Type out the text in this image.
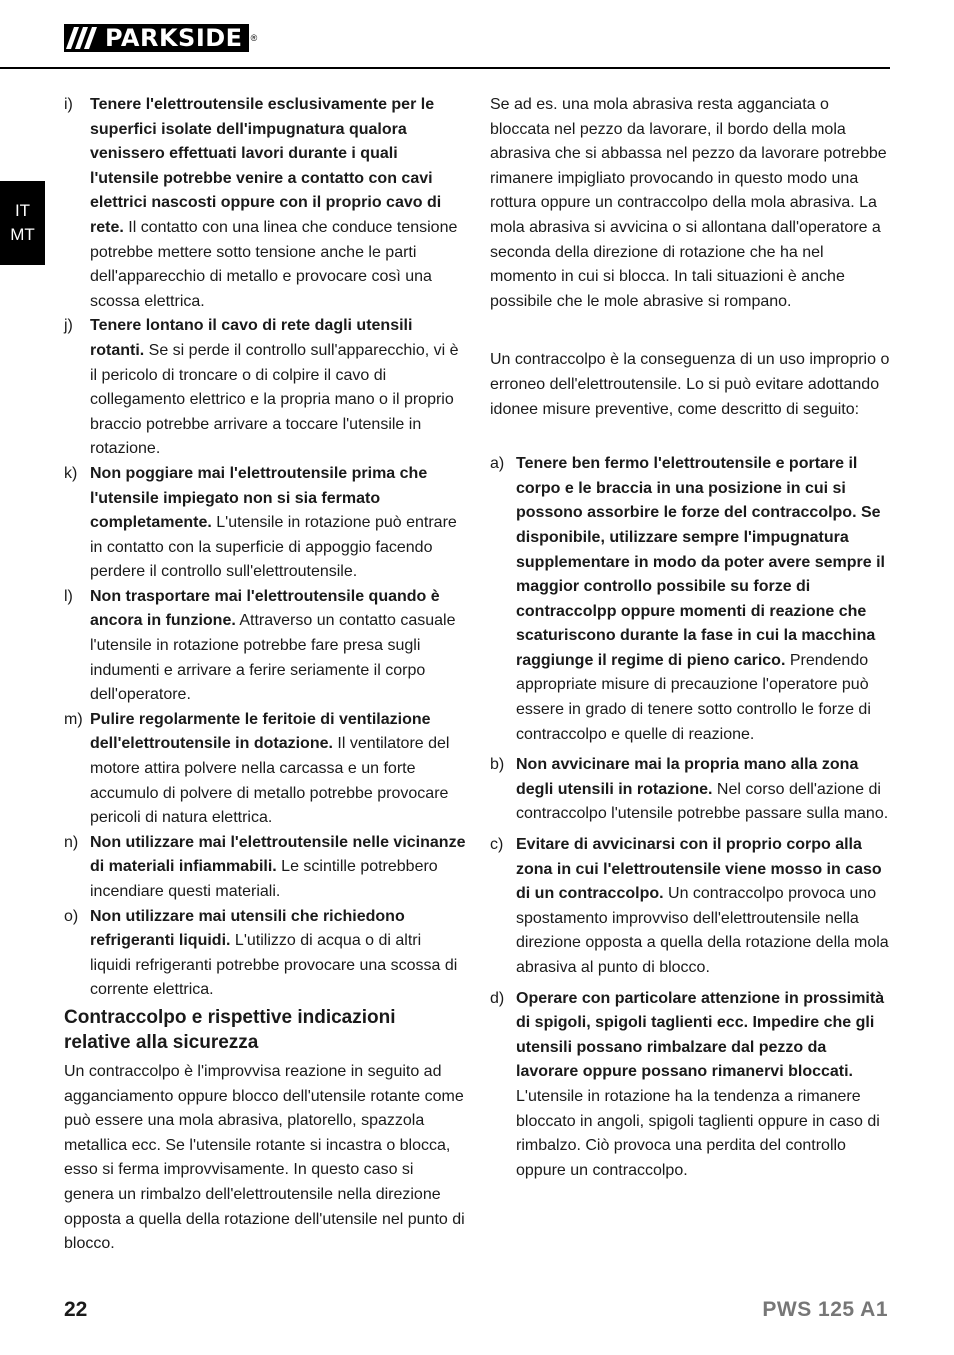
PARKSIDE ®
IT
MT
i)	Tenere l'elettroutensile esclusivamente per le superfici isolate dell'impugnatura qualora venissero effettuati lavori durante i quali l'utensile potrebbe venire a contatto con cavi elettrici nascosti oppure con il proprio cavo di rete. Il contatto con una linea che conduce tensione potrebbe mettere sotto tensione anche le parti dell'apparecchio di metallo e provocare così una scossa elettrica.
j)	Tenere lontano il cavo di rete dagli utensili rotanti. Se si perde il controllo sull'apparecchio, vi è il pericolo di troncare o di colpire il cavo di collegamento elettrico e la propria mano o il proprio braccio potrebbe arrivare a toccare l'utensile in rotazione.
k) Non poggiare mai l'elettroutensile prima che l'utensile impiegato non si sia fermato completamente. L'utensile in rotazione può entrare in contatto con la superficie di appoggio facendo perdere il controllo sull'elettroutensile.
l)	Non trasportare mai l'elettroutensile quando è ancora in funzione. Attraverso un contatto casuale l'utensile in rotazione potrebbe fare presa sugli indumenti e arrivare a ferire seriamente il corpo dell'operatore.
m) Pulire regolarmente le feritoie di ventilazione dell'elettroutensile in dotazione. Il ventilatore del motore attira polvere nella carcassa e un forte accumulo di polvere di metallo potrebbe provocare pericoli di natura elettrica.
n) Non utilizzare mai l'elettroutensile nelle vicinanze di materiali infiammabili. Le scintille potrebbero incendiare questi materiali.
o) Non utilizzare mai utensili che richiedono refrigeranti liquidi. L'utilizzo di acqua o di altri liquidi refrigeranti potrebbe provocare una scossa di corrente elettrica.
Contraccolpo e rispettive indicazioni relative alla sicurezza

Un contraccolpo è l'improvvisa reazione in seguito ad agganciamento oppure blocco dell'utensile rotante come può essere una mola abrasiva, platorello, spazzola metallica ecc. Se l'utensile rotante si incastra o blocca, esso si ferma improvvisamente. In questo caso si genera un rimbalzo dell'elettroutensile nella direzione opposta a quella della rotazione dell'utensile nel punto di blocco.

Se ad es. una mola abrasiva resta agganciata o bloccata nel pezzo da lavorare, il bordo della mola abrasiva che si abbassa nel pezzo da lavorare potrebbe rimanere impigliato provocando in questo modo una rottura oppure un contraccolpo della mola abrasiva. La mola abrasiva si avvicina o si allontana dall'operatore a seconda della direzione di rotazione che ha nel momento in cui si blocca. In tali situazioni è anche possibile che le mole abrasive si rompano.

Un contraccolpo è la conseguenza di un uso improprio o erroneo dell'elettroutensile. Lo si può evitare adottando idonee misure preventive, come descritto di seguito:

a) Tenere ben fermo l'elettroutensile e portare il corpo e le braccia in una posizione in cui si possono assorbire le forze del contraccolpo. Se disponibile, utilizzare sempre l'impugnatura supplementare in modo da poter avere sempre il maggior controllo possibile su forze di contraccolpp oppure momenti di reazione che scaturiscono durante la fase in cui la macchina raggiunge il regime di pieno carico. Prendendo appropriate misure di precauzione l'operatore può essere in grado di tenere sotto controllo le forze di contraccolpo e quelle di reazione.
b) Non avvicinare mai la propria mano alla zona degli utensili in rotazione. Nel corso dell'azione di contraccolpo l'utensile potrebbe passare sulla mano.
c) Evitare di avvicinarsi con il proprio corpo alla zona in cui l'elettroutensile viene mosso in caso di un contraccolpo. Un contraccolpo provoca uno spostamento improvviso dell'elettroutensile nella direzione opposta a quella della rotazione della mola abrasiva al punto di blocco.
d) Operare con particolare attenzione in prossimità di spigoli, spigoli taglienti ecc. Impedire che gli utensili possano rimbalzare dal pezzo da lavorare oppure possano rimanervi bloccati. L'utensile in rotazione ha la tendenza a rimanere bloccato in angoli, spigoli taglienti oppure in caso di rimbalzo. Ciò provoca una perdita del controllo oppure un contraccolpo.
22	PWS 125 A1
